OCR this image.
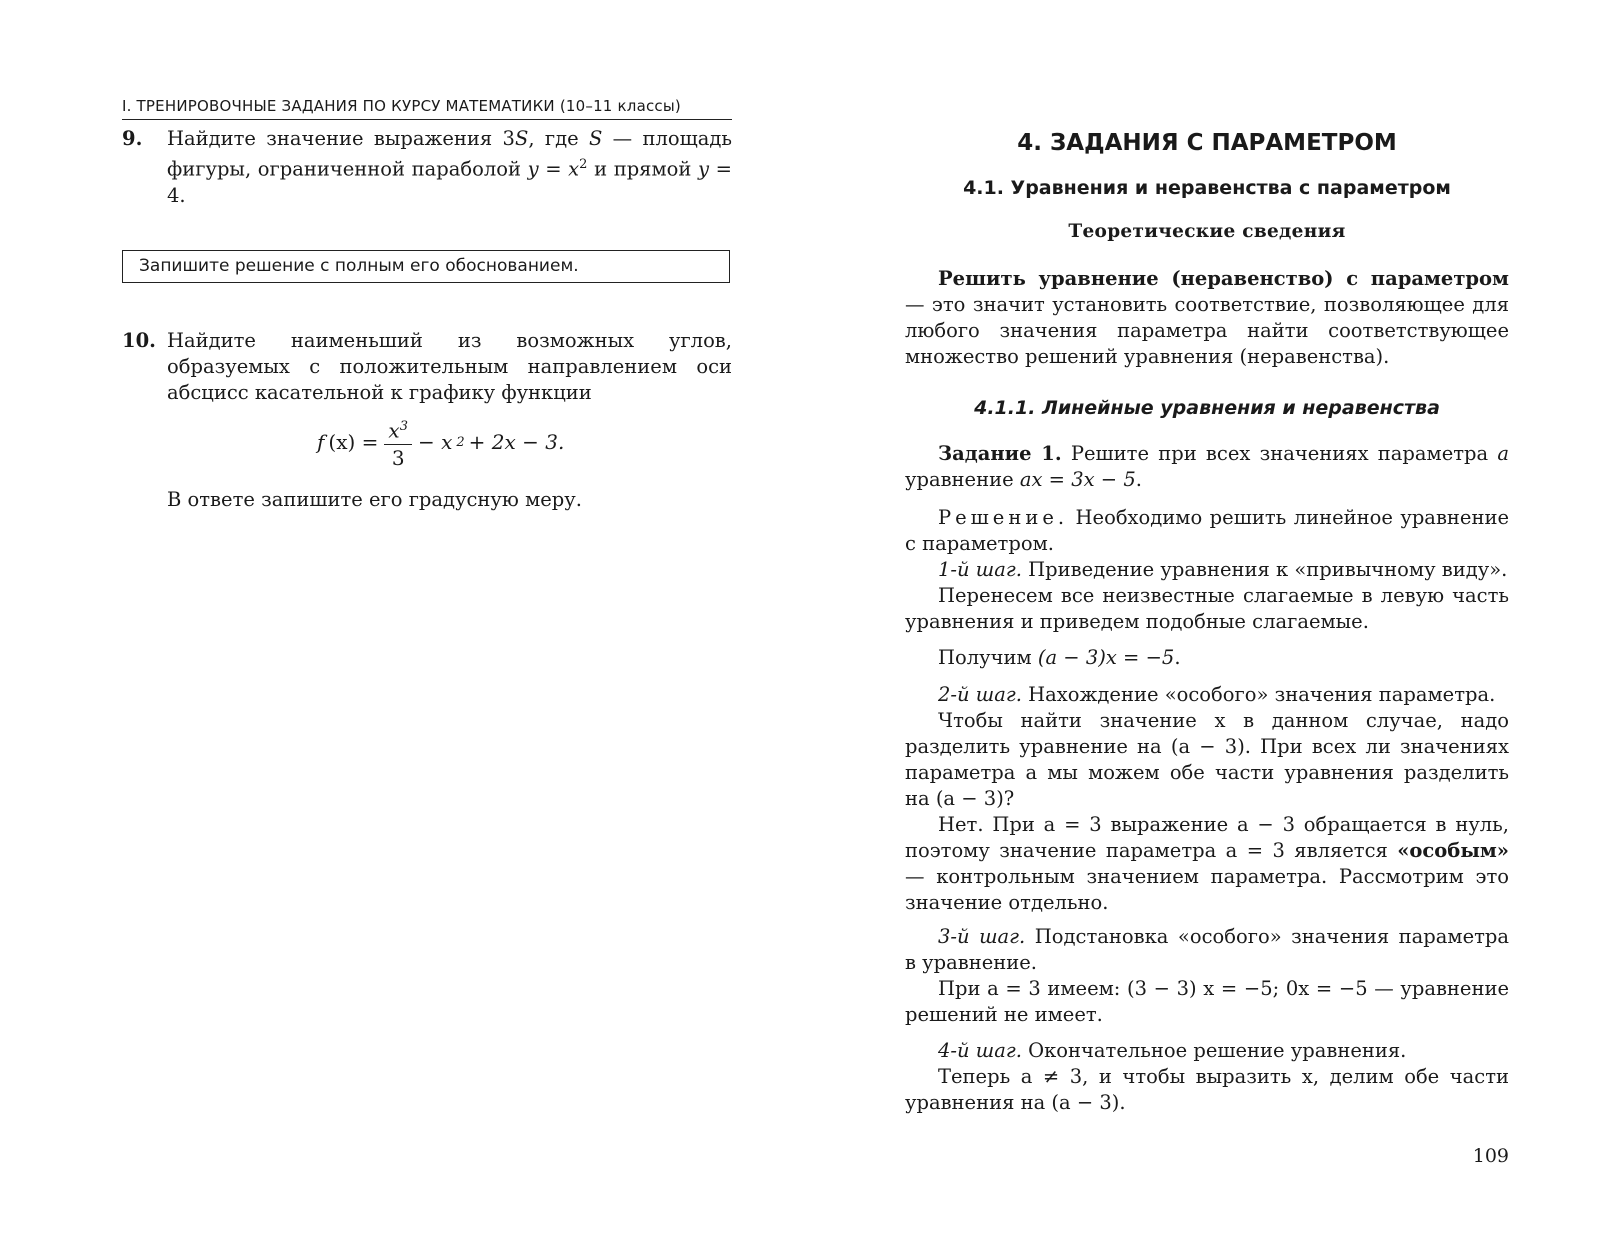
I. ТРЕНИРОВОЧНЫЕ ЗАДАНИЯ ПО КУРСУ МАТЕМАТИКИ (10–11 классы)
9. Найдите значение выражения 3S, где S — площадь фигуры, ограниченной параболой $y = x^2$ и прямой y = 4.
Запишите решение с полным его обоснованием.
10. Найдите наименьший из возможных углов, образуемых с положительным направлением оси абсцисс касательной к графику функции
f $(x) = \frac{x^3}{3} - x$ 2 + 2x − 3.
В ответе запишите его градусную меру.
4. ЗАДАНИЯ С ПАРАМЕТРОМ
4.1. Уравнения и неравенства с параметром
Теоретические сведения
Решить уравнение (неравенство) с параметром — это значит установить соответствие, позволяющее для любого значения параметра найти соответствующее множество решений уравнения (неравенства).
4.1.1. Линейные уравнения и неравенства
Задание 1. Решите при всех значениях параметра a уравнение ax = 3x − 5.
Решение. Необходимо решить линейное уравнение с параметром.
1-й шаг. Приведение уравнения к «привычному виду».
Перенесем все неизвестные слагаемые в левую часть уравнения и приведем подобные слагаемые.
Получим (a − 3)x = −5.
2-й шаг. Нахождение «особого» значения параметра.
Чтобы найти значение x в данном случае, надо разделить уравнение на (a − 3). При всех ли значениях параметра a мы можем обе части уравнения разделить на (a − 3)?
Нет. При a = 3 выражение a − 3 обращается в нуль, поэтому значение параметра a = 3 является «особым» — контрольным значением параметра. Рассмотрим это значение отдельно.
3-й шаг. Подстановка «особого» значения параметра в уравнение.
При a = 3 имеем: (3 − 3) x = −5; 0x = −5 — уравнение решений не имеет.
4-й шаг. Окончательное решение уравнения.
Теперь a ≠ 3, и чтобы выразить x, делим обе части уравнения на (a − 3).
109
